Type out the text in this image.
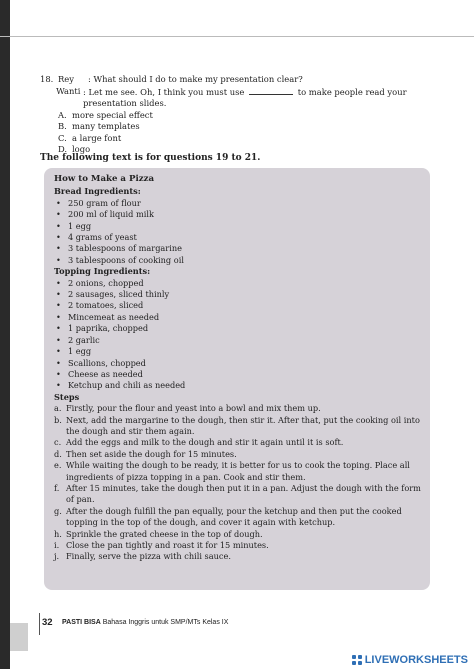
18. Rey	: What should I do to make my presentation clear?
Wanti : Let me see. Oh, I think you must use	to make people read your presentation slides.
A. more special effect
B. many templates
C. a large font
D. logo
The following text is for questions 19 to 21.
How to Make a Pizza
Bread Ingredients:
• 250 gram of flour
• 200 ml of liquid milk
• 1 egg
• 4 grams of yeast
• 3 tablespoons of margarine
• 3 tablespoons of cooking oil
Topping Ingredients:
• 2 onions, chopped
• 2 sausages, sliced thinly
• 2 tomatoes, sliced
• Mincemeat as needed
• 1 paprika, chopped
• 2 garlic
• 1 egg
• Scallions, chopped
• Cheese as needed
• Ketchup and chili as needed
Steps
a. Firstly, pour the flour and yeast into a bowl and mix them up.
b. Next, add the margarine to the dough, then stir it. After that, put the cooking oil into the dough and stir them again.
c. Add the eggs and milk to the dough and stir it again until it is soft.
d. Then set aside the dough for 15 minutes.
e. While waiting the dough to be ready, it is better for us to cook the toping. Place all ingredients of pizza topping in a pan. Cook and stir them.
f. After 15 minutes, take the dough then put it in a pan. Adjust the dough with the form of pan.
g. After the dough fulfill the pan equally, pour the ketchup and then put the cooked topping in the top of the dough, and cover it again with ketchup.
h. Sprinkle the grated cheese in the top of dough.
i. Close the pan tightly and roast it for 15 minutes.
j. Finally, serve the pizza with chili sauce.
32 PASTI BISA Bahasa Inggris untuk SMP/MTs Kelas IX
LIVEWORKSHEETS
